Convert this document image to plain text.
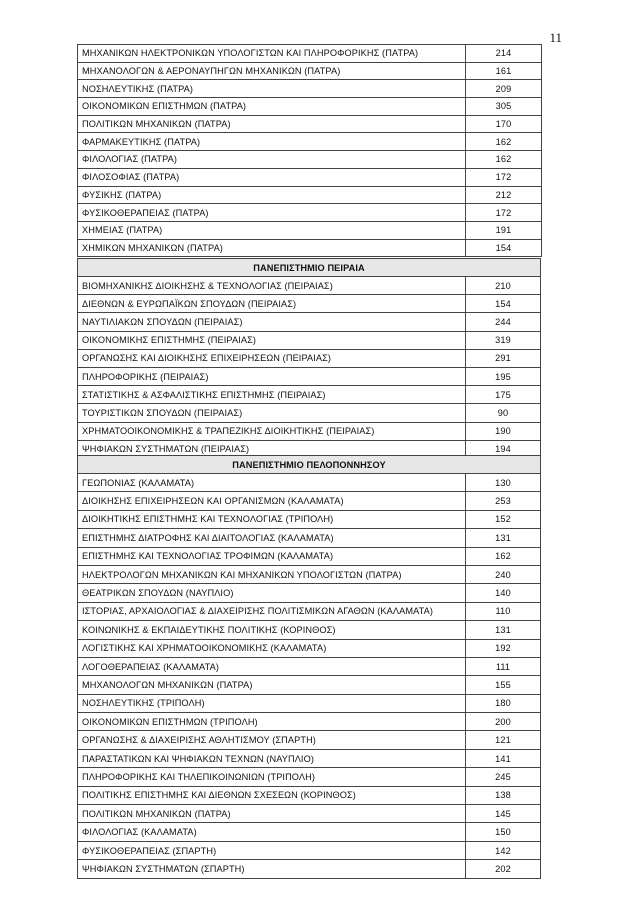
11
ΜΗΧΑΝΙΚΩΝ ΗΛΕΚΤΡΟΝΙΚΩΝ ΥΠΟΛΟΓΙΣΤΩΝ ΚΑΙ ΠΛΗΡΟΦΟΡΙΚΗΣ (ΠΑΤΡΑ)	214
ΜΗΧΑΝΟΛΟΓΩΝ & ΑΕΡΟΝΑΥΠΗΓΩΝ ΜΗΧΑΝΙΚΩΝ (ΠΑΤΡΑ)	161
ΝΟΣΗΛΕΥΤΙΚΗΣ (ΠΑΤΡΑ)	209
ΟΙΚΟΝΟΜΙΚΩΝ ΕΠΙΣΤΗΜΩΝ (ΠΑΤΡΑ)	305
ΠΟΛΙΤΙΚΩΝ ΜΗΧΑΝΙΚΩΝ (ΠΑΤΡΑ)	170
ΦΑΡΜΑΚΕΥΤΙΚΗΣ (ΠΑΤΡΑ)	162
ΦΙΛΟΛΟΓΙΑΣ (ΠΑΤΡΑ)	162
ΦΙΛΟΣΟΦΙΑΣ (ΠΑΤΡΑ)	172
ΦΥΣΙΚΗΣ (ΠΑΤΡΑ)	212
ΦΥΣΙΚΟΘΕΡΑΠΕΙΑΣ (ΠΑΤΡΑ)	172
ΧΗΜΕΙΑΣ (ΠΑΤΡΑ)	191
ΧΗΜΙΚΩΝ ΜΗΧΑΝΙΚΩΝ (ΠΑΤΡΑ)	154
ΠΑΝΕΠΙΣΤΗΜΙΟ ΠΕΙΡΑΙΑ	
ΒΙΟΜΗΧΑΝΙΚΗΣ ΔΙΟΙΚΗΣΗΣ & ΤΕΧΝΟΛΟΓΙΑΣ (ΠΕΙΡΑΙΑΣ)	210
ΔΙΕΘΝΩΝ & ΕΥΡΩΠΑΪΚΩΝ ΣΠΟΥΔΩΝ (ΠΕΙΡΑΙΑΣ)	154
ΝΑΥΤΙΛΙΑΚΩΝ ΣΠΟΥΔΩΝ (ΠΕΙΡΑΙΑΣ)	244
ΟΙΚΟΝΟΜΙΚΗΣ ΕΠΙΣΤΗΜΗΣ (ΠΕΙΡΑΙΑΣ)	319
ΟΡΓΑΝΩΣΗΣ ΚΑΙ ΔΙΟΙΚΗΣΗΣ ΕΠΙΧΕΙΡΗΣΕΩΝ (ΠΕΙΡΑΙΑΣ)	291
ΠΛΗΡΟΦΟΡΙΚΗΣ (ΠΕΙΡΑΙΑΣ)	195
ΣΤΑΤΙΣΤΙΚΗΣ & ΑΣΦΑΛΙΣΤΙΚΗΣ ΕΠΙΣΤΗΜΗΣ (ΠΕΙΡΑΙΑΣ)	175
ΤΟΥΡΙΣΤΙΚΩΝ ΣΠΟΥΔΩΝ (ΠΕΙΡΑΙΑΣ)	90
ΧΡΗΜΑΤΟΟΙΚΟΝΟΜΙΚΗΣ & ΤΡΑΠΕΖΙΚΗΣ ΔΙΟΙΚΗΤΙΚΗΣ (ΠΕΙΡΑΙΑΣ)	190
ΨΗΦΙΑΚΩΝ ΣΥΣΤΗΜΑΤΩΝ (ΠΕΙΡΑΙΑΣ)	194
ΠΑΝΕΠΙΣΤΗΜΙΟ ΠΕΛΟΠΟΝΝΗΣΟΥ	
ΓΕΩΠΟΝΙΑΣ (ΚΑΛΑΜΑΤΑ)	130
ΔΙΟΙΚΗΣΗΣ ΕΠΙΧΕΙΡΗΣΕΩΝ ΚΑΙ ΟΡΓΑΝΙΣΜΩΝ (ΚΑΛΑΜΑΤΑ)	253
ΔΙΟΙΚΗΤΙΚΗΣ ΕΠΙΣΤΗΜΗΣ ΚΑΙ ΤΕΧΝΟΛΟΓΙΑΣ (ΤΡΙΠΟΛΗ)	152
ΕΠΙΣΤΗΜΗΣ ΔΙΑΤΡΟΦΗΣ ΚΑΙ ΔΙΑΙΤΟΛΟΓΙΑΣ (ΚΑΛΑΜΑΤΑ)	131
ΕΠΙΣΤΗΜΗΣ ΚΑΙ ΤΕΧΝΟΛΟΓΙΑΣ ΤΡΟΦΙΜΩΝ (ΚΑΛΑΜΑΤΑ)	162
ΗΛΕΚΤΡΟΛΟΓΩΝ ΜΗΧΑΝΙΚΩΝ ΚΑΙ ΜΗΧΑΝΙΚΩΝ ΥΠΟΛΟΓΙΣΤΩΝ (ΠΑΤΡΑ)	240
ΘΕΑΤΡΙΚΩΝ ΣΠΟΥΔΩΝ (ΝΑΥΠΛΙΟ)	140
ΙΣΤΟΡΙΑΣ, ΑΡΧΑΙΟΛΟΓΙΑΣ & ΔΙΑΧΕΙΡΙΣΗΣ ΠΟΛΙΤΙΣΜΙΚΩΝ ΑΓΑΘΩΝ (ΚΑΛΑΜΑΤΑ)	110
ΚΟΙΝΩΝΙΚΗΣ & ΕΚΠΑΙΔΕΥΤΙΚΗΣ ΠΟΛΙΤΙΚΗΣ (ΚΟΡΙΝΘΟΣ)	131
ΛΟΓΙΣΤΙΚΗΣ ΚΑΙ ΧΡΗΜΑΤΟΟΙΚΟΝΟΜΙΚΗΣ (ΚΑΛΑΜΑΤΑ)	192
ΛΟΓΟΘΕΡΑΠΕΙΑΣ (ΚΑΛΑΜΑΤΑ)	111
ΜΗΧΑΝΟΛΟΓΩΝ ΜΗΧΑΝΙΚΩΝ (ΠΑΤΡΑ)	155
ΝΟΣΗΛΕΥΤΙΚΗΣ (ΤΡΙΠΟΛΗ)	180
ΟΙΚΟΝΟΜΙΚΩΝ ΕΠΙΣΤΗΜΩΝ (ΤΡΙΠΟΛΗ)	200
ΟΡΓΑΝΩΣΗΣ & ΔΙΑΧΕΙΡΙΣΗΣ ΑΘΛΗΤΙΣΜΟΥ (ΣΠΑΡΤΗ)	121
ΠΑΡΑΣΤΑΤΙΚΩΝ ΚΑΙ ΨΗΦΙΑΚΩΝ ΤΕΧΝΩΝ (ΝΑΥΠΛΙΟ)	141
ΠΛΗΡΟΦΟΡΙΚΗΣ ΚΑΙ ΤΗΛΕΠΙΚΟΙΝΩΝΙΩΝ (ΤΡΙΠΟΛΗ)	245
ΠΟΛΙΤΙΚΗΣ ΕΠΙΣΤΗΜΗΣ ΚΑΙ ΔΙΕΘΝΩΝ ΣΧΕΣΕΩΝ (ΚΟΡΙΝΘΟΣ)	138
ΠΟΛΙΤΙΚΩΝ ΜΗΧΑΝΙΚΩΝ (ΠΑΤΡΑ)	145
ΦΙΛΟΛΟΓΙΑΣ (ΚΑΛΑΜΑΤΑ)	150
ΦΥΣΙΚΟΘΕΡΑΠΕΙΑΣ (ΣΠΑΡΤΗ)	142
ΨΗΦΙΑΚΩΝ ΣΥΣΤΗΜΑΤΩΝ (ΣΠΑΡΤΗ)	202
